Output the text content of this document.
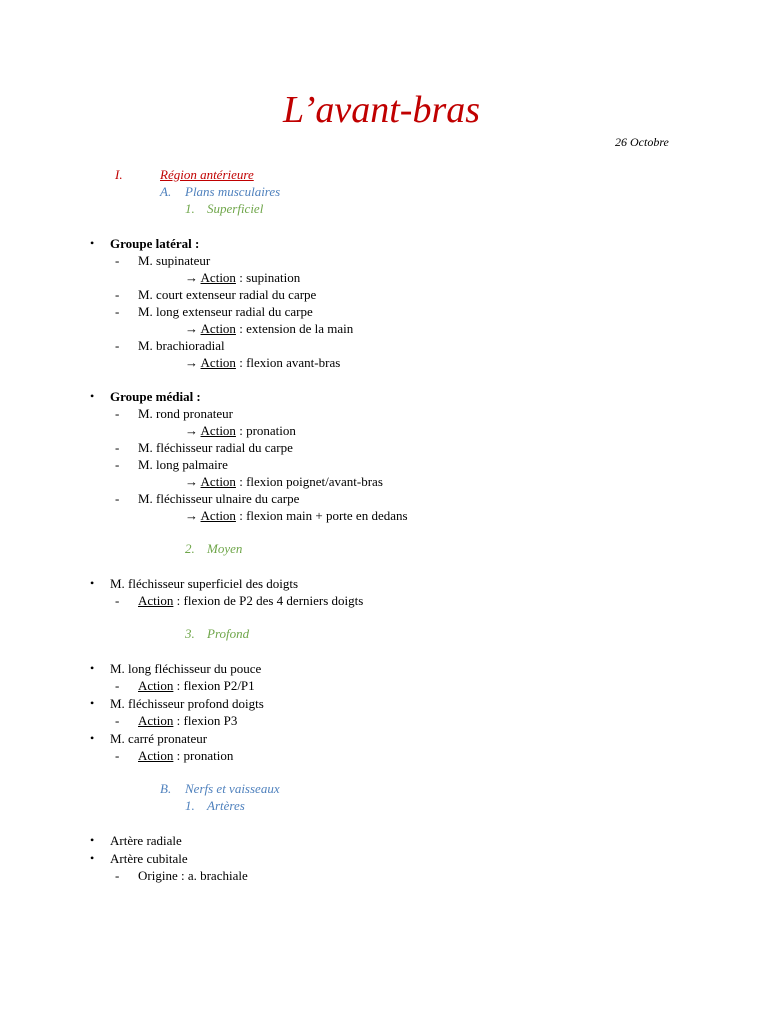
L’avant-bras
26 Octobre
I.	Région antérieure
A. Plans musculaires
1. Superficiel
• Groupe latéral :
- M. supinateur
→ Action : supination
- M. court extenseur radial du carpe
- M. long extenseur radial du carpe
→ Action : extension de la main
- M. brachioradial
→ Action : flexion avant-bras
• Groupe médial :
- M. rond pronateur
→ Action : pronation
- M. fléchisseur radial du carpe
- M. long palmaire
→ Action : flexion poignet/avant-bras
- M. fléchisseur ulnaire du carpe
→ Action : flexion main + porte en dedans
2. Moyen
• M. fléchisseur superficiel des doigts
- Action : flexion de P2 des 4 derniers doigts
3. Profond
• M. long fléchisseur du pouce
- Action : flexion P2/P1
• M. fléchisseur profond doigts
- Action : flexion P3
• M. carré pronateur
- Action : pronation
B. Nerfs et vaisseaux
1. Artères
• Artère radiale
• Artère cubitale
- Origine : a. brachiale
